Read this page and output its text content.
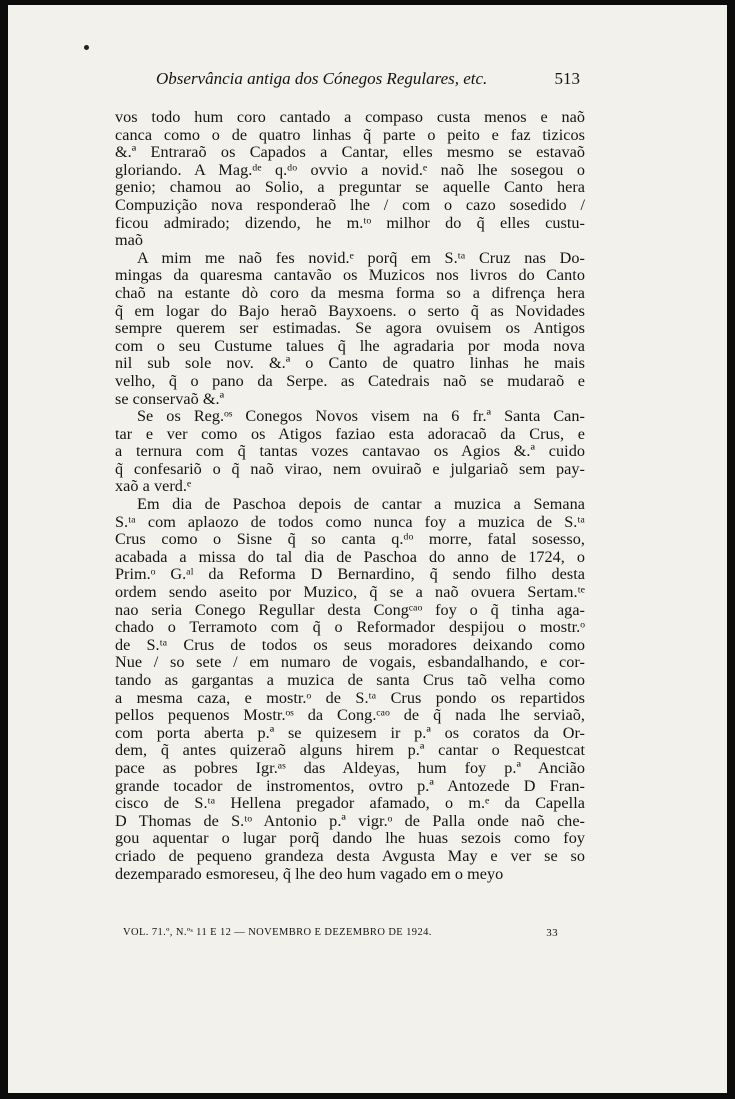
Observância antiga dos Cónegos Regulares, etc.	513
vos todo hum coro cantado a compaso custa menos e naõ
canca como o de quatro linhas q̃ parte o peito e faz tizicos
&.ª Entraraõ os Capados a Cantar, elles mesmo se estavaõ
gloriando. A Mag.ᵈᵉ q.ᵈᵒ ovvio a novid.ᵉ naõ lhe sosegou o
genio; chamou ao Solio, a preguntar se aquelle Canto hera
Compuzição nova responderaõ lhe / com o cazo sosedido /
ficou admirado; dizendo, he m.ᵗᵒ milhor do q̃ elles custu-
maõ
A mim me naõ fes novid.ᵉ porq̃ em S.ᵗᵃ Cruz nas Do-
mingas da quaresma cantavão os Muzicos nos livros do Canto
chaõ na estante dò coro da mesma forma so a difrença hera
q̃ em logar do Bajo heraõ Bayxoens. o serto q̃ as Novidades
sempre querem ser estimadas. Se agora ovuisem os Antigos
com o seu Custume talues q̃ lhe agradaria por moda nova
nil sub sole nov. &.ª o Canto de quatro linhas he mais
velho, q̃ o pano da Serpe. as Catedrais naõ se mudaraõ e
se conservaõ &.ª
Se os Reg.ᵒˢ Conegos Novos visem na 6 fr.ª Santa Can-
tar e ver como os Atigos faziao esta adoracaõ da Crus, e
a ternura com q̃ tantas vozes cantavao os Agios &.ª cuido
q̃ confesariõ o q̃ naõ virao, nem ovuiraõ e julgariaõ sem pay-
xaõ a verd.ᵉ
Em dia de Paschoa depois de cantar a muzica a Semana
S.ᵗᵃ com aplaozo de todos como nunca foy a muzica de S.ᵗᵃ
Crus como o Sisne q̃ so canta q.ᵈᵒ morre, fatal sosesso,
acabada a missa do tal dia de Paschoa do anno de 1724, o
Prim.ᵒ G.ᵃˡ da Reforma D Bernardino, q̃ sendo filho desta
ordem sendo aseito por Muzico, q̃ se a naõ ovuera Sertam.ᵗᵉ
nao seria Conego Regullar desta Congᶜᵃᵒ foy o q̃ tinha aga-
chado o Terramoto com q̃ o Reformador despijou o mostr.ᵒ
de S.ᵗᵃ Crus de todos os seus moradores deixando como
Nue / so sete / em numaro de vogais, esbandalhando, e cor-
tando as gargantas a muzica de santa Crus taõ velha como
a mesma caza, e mostr.ᵒ de S.ᵗᵃ Crus pondo os repartidos
pellos pequenos Mostr.ᵒˢ da Cong.ᶜᵃᵒ de q̃ nada lhe serviaõ,
com porta aberta p.ª se quizesem ir p.ª os coratos da Or-
dem, q̃ antes quizeraõ alguns hirem p.ª cantar o Requestcat
pace as pobres Igr.ᵃˢ das Aldeyas, hum foy p.ª Ancião
grande tocador de instromentos, ovtro p.ª Antozede D Fran-
cisco de S.ᵗᵃ Hellena pregador afamado, o m.ᵉ da Capella
D Thomas de S.ᵗᵒ Antonio p.ª vigr.ᵒ de Palla onde naõ che-
gou aquentar o lugar porq̃ dando lhe huas sezois como foy
criado de pequeno grandeza desta Avgusta May e ver se so
dezemparado esmoreseu, q̃ lhe deo hum vagado em o meyo
VOL. 71.º, N.ºˢ 11 E 12 — NOVEMBRO E DEZEMBRO DE 1924.	33
